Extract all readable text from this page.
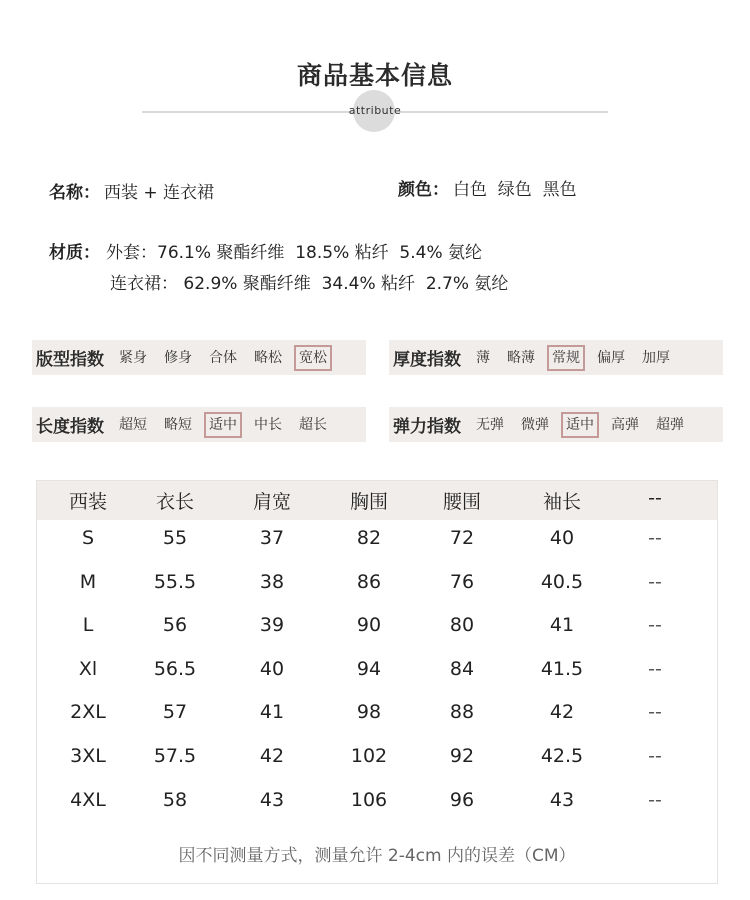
商品基本信息
attribute
名称： 西装 + 连衣裙	颜色： 白色  绿色  黑色
材质： 外套：76.1% 聚酯纤维  18.5% 粘纤  5.4% 氨纶
连衣裙： 62.9% 聚酯纤维  34.4% 粘纤  2.7% 氨纶
版型指数	紧身	修身	合体	略松	宽松	厚度指数	薄	略薄	常规	偏厚	加厚
长度指数	超短	略短	适中	中长	超长	弹力指数	无弹	微弹	适中	高弹	超弹
西装	衣长	肩宽	胸围	腰围	袖长	--
S	55	37	82	72	40	--
M	55.5	38	86	76	40.5	--
L	56	39	90	80	41	--
Xl	56.5	40	94	84	41.5	--
2XL	57	41	98	88	42	--
3XL	57.5	42	102	92	42.5	--
4XL	58	43	106	96	43	--
因不同测量方式，测量允许 2-4cm 内的误差（CM）
